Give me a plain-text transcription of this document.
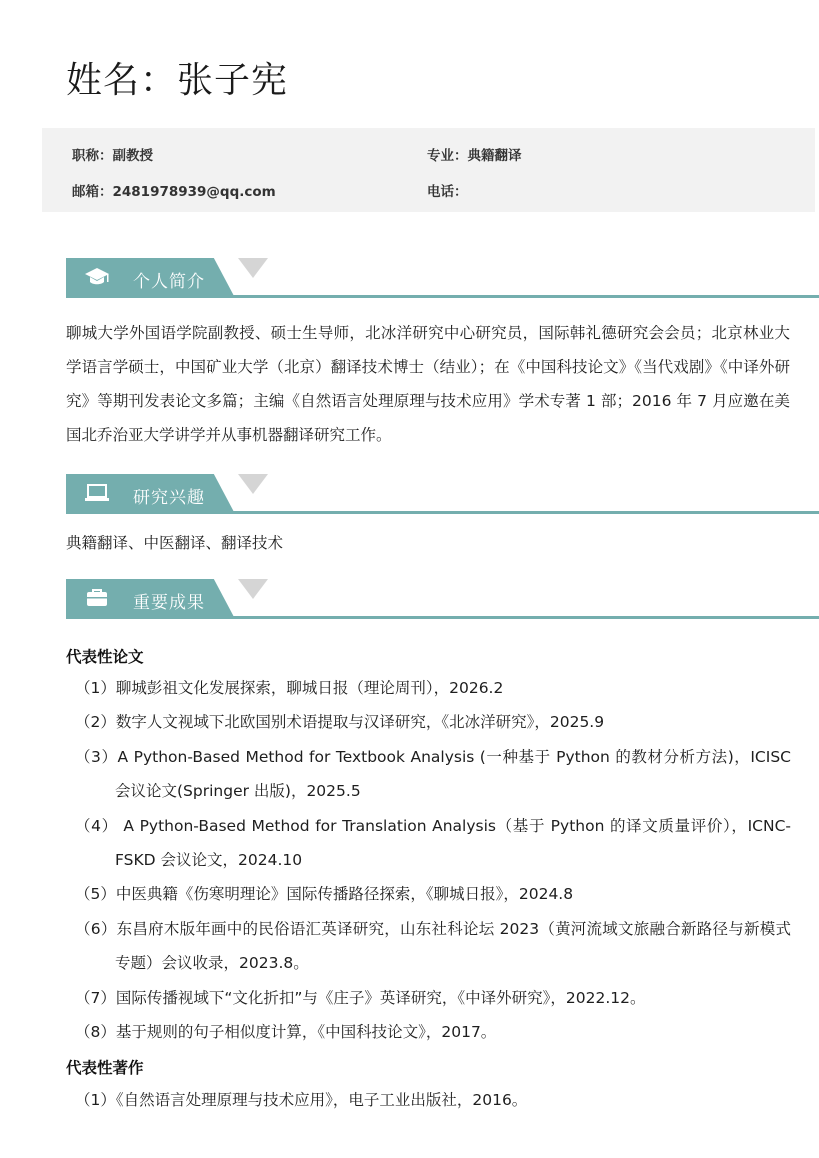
姓名：张子宪
职称：副教授	专业：典籍翻译
邮箱：2481978939@qq.com	电话：
个人简介

聊城大学外国语学院副教授、硕士生导师，北冰洋研究中心研究员，国际韩礼德研究会会员；北京林业大学语言学硕士，中国矿业大学（北京）翻译技术博士（结业）；在《中国科技论文》《当代戏剧》《中译外研究》等期刊发表论文多篇；主编《自然语言处理原理与技术应用》学术专著 1 部；2016 年 7 月应邀在美国北乔治亚大学讲学并从事机器翻译研究工作。

研究兴趣

典籍翻译、中医翻译、翻译技术

重要成果
代表性论文
（1）聊城彭祖文化发展探索，聊城日报（理论周刊），2026.2
（2）数字人文视域下北欧国别术语提取与汉译研究，《北冰洋研究》，2025.9
（3）A Python-Based Method for Textbook Analysis (一种基于 Python 的教材分析方法)，ICISC 会议论文(Springer 出版)，2025.5
（4） A Python-Based Method for Translation Analysis（基于 Python 的译文质量评价），ICNC-FSKD 会议论文，2024.10
（5）中医典籍《伤寒明理论》国际传播路径探索，《聊城日报》，2024.8
（6）东昌府木版年画中的民俗语汇英译研究，山东社科论坛 2023（黄河流域文旅融合新路径与新模式专题）会议收录，2023.8。
（7）国际传播视域下“文化折扣”与《庄子》英译研究，《中译外研究》，2022.12。
（8）基于规则的句子相似度计算，《中国科技论文》，2017。
代表性著作
（1）《自然语言处理原理与技术应用》，电子工业出版社，2016。
